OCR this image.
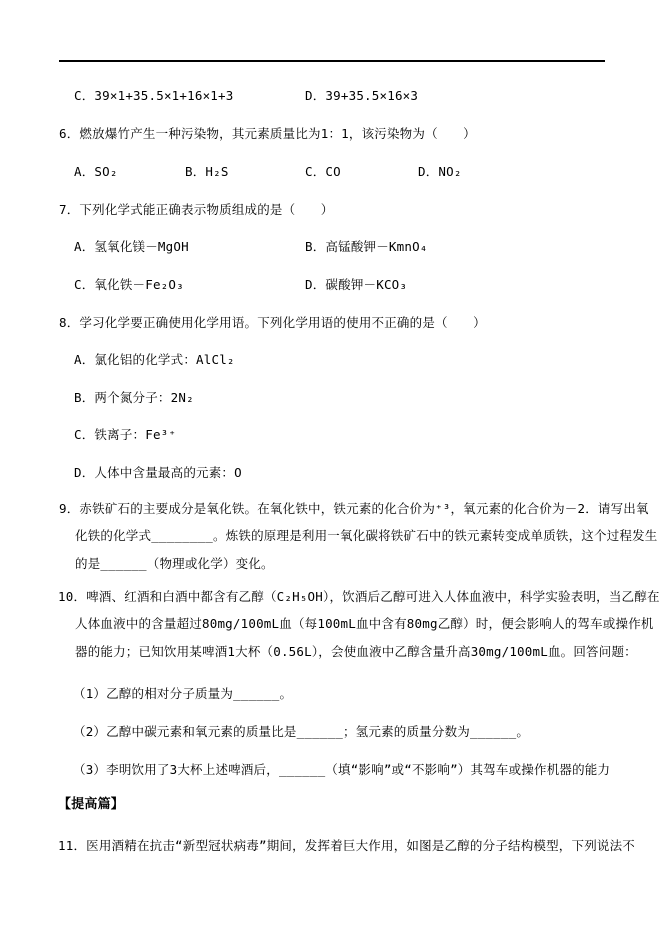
C．39×1+35.5×1+16×1+3	D．39+35.5×16×3
6．燃放爆竹产生一种污染物，其元素质量比为1：1，该污染物为（　　）
A．SO₂	B．H₂S	C．CO	D．NO₂
7．下列化学式能正确表示物质组成的是（　　）
A．氢氧化镁－MgOH	B．高锰酸钾－KmnO₄
C．氧化铁－Fe₂O₃	D．碳酸钾－KCO₃
8．学习化学要正确使用化学用语。下列化学用语的使用不正确的是（　　）
A．氯化铝的化学式：AlCl₂
B．两个氮分子：2N₂
C．铁离子：Fe³⁺
D．人体中含量最高的元素：O
9．赤铁矿石的主要成分是氧化铁。在氧化铁中，铁元素的化合价为⁺³，氧元素的化合价为－2．请写出氧
化铁的化学式________。炼铁的原理是利用一氧化碳将铁矿石中的铁元素转变成单质铁，这个过程发生
的是______（物理或化学）变化。
10．啤酒、红酒和白酒中都含有乙醇（C₂H₅OH），饮酒后乙醇可进入人体血液中，科学实验表明，当乙醇在
人体血液中的含量超过80mg/100mL血（每100mL血中含有80mg乙醇）时，便会影响人的驾车或操作机
器的能力；已知饮用某啤酒1大杯（0.56L），会使血液中乙醇含量升高30mg/100mL血。回答问题：
（1）乙醇的相对分子质量为______。
（2）乙醇中碳元素和氧元素的质量比是______；氢元素的质量分数为______。
（3）李明饮用了3大杯上述啤酒后，______（填“影响”或“不影响”）其驾车或操作机器的能力
【提高篇】
11．医用酒精在抗击“新型冠状病毒”期间，发挥着巨大作用，如图是乙醇的分子结构模型，下列说法不
